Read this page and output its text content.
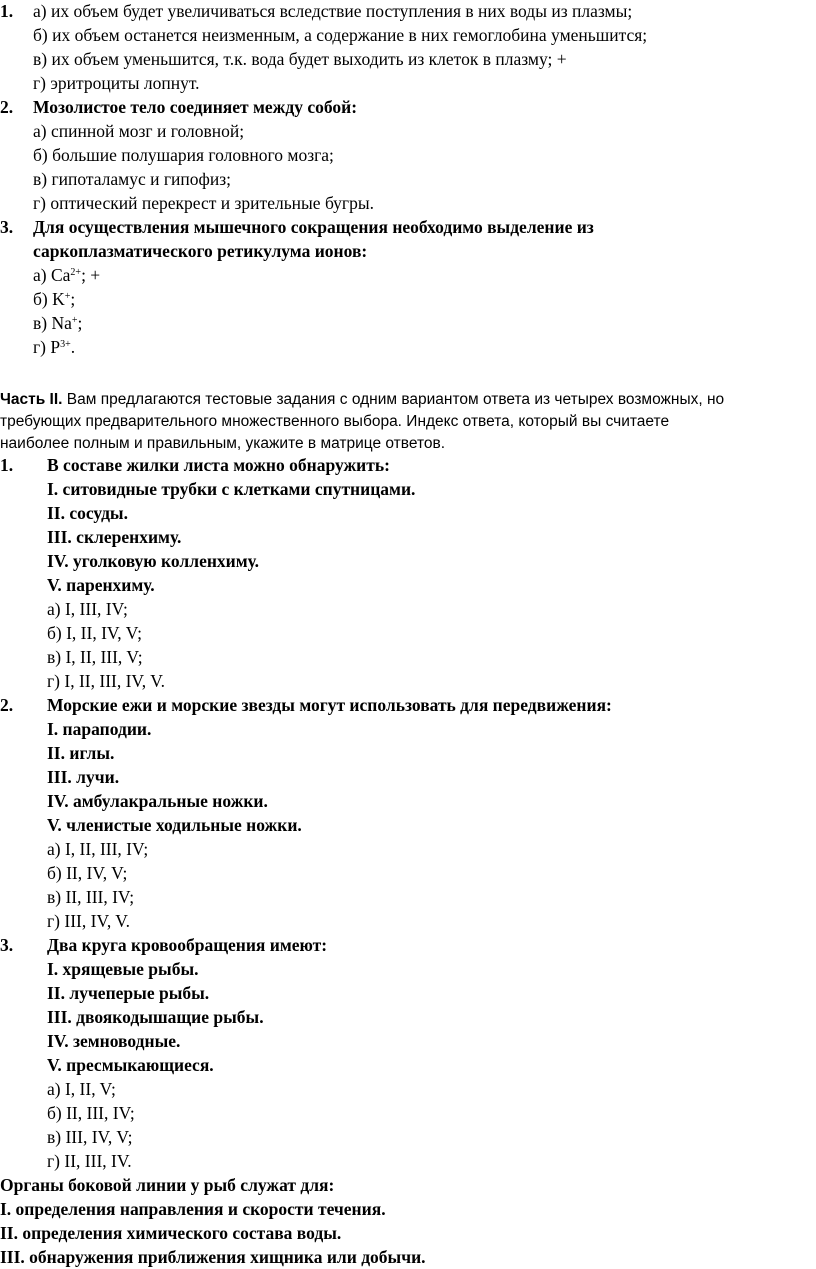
1. а) их объем будет увеличиваться вследствие поступления в них воды из плазмы;
б) их объем останется неизменным, а содержание в них гемоглобина уменьшится;
в) их объем уменьшится, т.к. вода будет выходить из клеток в плазму; +
г) эритроциты лопнут.
2. Мозолистое тело соединяет между собой:
а) спинной мозг и головной;
б) большие полушария головного мозга;
в) гипоталамус и гипофиз;
г) оптический перекрест и зрительные бугры.
3. Для осуществления мышечного сокращения необходимо выделение из
саркоплазматического ретикулума ионов:
а) $Ca^{2+}$; +
б) K+;
в) Na+;
г) $P^{3+}$.
Часть II. Вам предлагаются тестовые задания с одним вариантом ответа из четырех возможных, но
требующих предварительного множественного выбора. Индекс ответа, который вы считаете
наиболее полным и правильным, укажите в матрице ответов.
1. В составе жилки листа можно обнаружить:
I. ситовидные трубки с клетками спутницами.
II. сосуды.
III. склеренхиму.
IV. уголковую колленхиму.
V. паренхиму.
а) I, III, IV;
б) I, II, IV, V;
в) I, II, III, V;
г) I, II, III, IV, V.
2. Морские ежи и морские звезды могут использовать для передвижения:
I. параподии.
II. иглы.
III. лучи.
IV. амбулакральные ножки.
V. членистые ходильные ножки.
а) I, II, III, IV;
б) II, IV, V;
в) II, III, IV;
г) III, IV, V.
3. Два круга кровообращения имеют:
I. хрящевые рыбы.
II. лучеперые рыбы.
III. двоякодышащие рыбы.
IV. земноводные.
V. пресмыкающиеся.
а) I, II, V;
б) II, III, IV;
в) III, IV, V;
г) II, III, IV.
Органы боковой линии у рыб служат для:
I. определения направления и скорости течения.
II. определения химического состава воды.
III. обнаружения приближения хищника или добычи.
